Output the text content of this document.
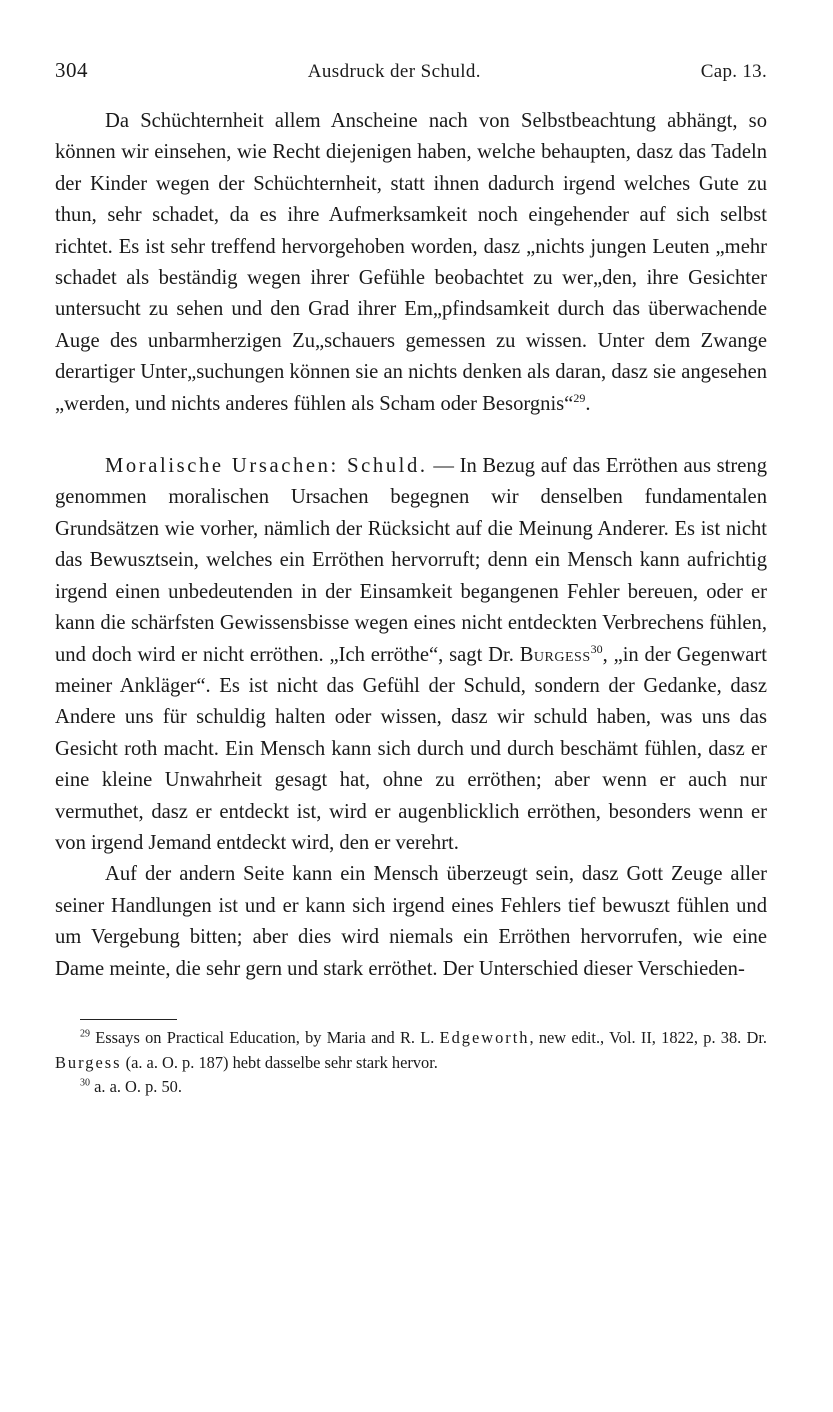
304	Ausdruck der Schuld.	Cap. 13.

Da Schüchternheit allem Anscheine nach von Selbstbeachtung abhängt, so können wir einsehen, wie Recht diejenigen haben, welche behaupten, dasz das Tadeln der Kinder wegen der Schüchternheit, statt ihnen dadurch irgend welches Gute zu thun, sehr schadet, da es ihre Aufmerksamkeit noch eingehender auf sich selbst richtet. Es ist sehr treffend hervorgehoben worden, dasz „nichts jungen Leuten „mehr schadet als beständig wegen ihrer Gefühle beobachtet zu wer„den, ihre Gesichter untersucht zu sehen und den Grad ihrer Em„pfindsamkeit durch das überwachende Auge des unbarmherzigen Zu„schauers gemessen zu wissen. Unter dem Zwange derartiger Unter„suchungen können sie an nichts denken als daran, dasz sie angesehen „werden, und nichts anderes fühlen als Scham oder Besorgnis“$^{29}$.

Moralische Ursachen: Schuld. — In Bezug auf das Erröthen aus streng genommen moralischen Ursachen begegnen wir denselben fundamentalen Grundsätzen wie vorher, nämlich der Rücksicht auf die Meinung Anderer. Es ist nicht das Bewusztsein, welches ein Erröthen hervorruft; denn ein Mensch kann aufrichtig irgend einen unbedeutenden in der Einsamkeit begangenen Fehler bereuen, oder er kann die schärfsten Gewissensbisse wegen eines nicht entdeckten Verbrechens fühlen, und doch wird er nicht erröthen. „Ich erröthe“, sagt Dr. Burgess$^{30}$, „in der Gegenwart meiner Ankläger“. Es ist nicht das Gefühl der Schuld, sondern der Gedanke, dasz Andere uns für schuldig halten oder wissen, dasz wir schuld haben, was uns das Gesicht roth macht. Ein Mensch kann sich durch und durch beschämt fühlen, dasz er eine kleine Unwahrheit gesagt hat, ohne zu erröthen; aber wenn er auch nur vermuthet, dasz er entdeckt ist, wird er augenblicklich erröthen, besonders wenn er von irgend Jemand entdeckt wird, den er verehrt.

Auf der andern Seite kann ein Mensch überzeugt sein, dasz Gott Zeuge aller seiner Handlungen ist und er kann sich irgend eines Fehlers tief bewuszt fühlen und um Vergebung bitten; aber dies wird niemals ein Erröthen hervorrufen, wie eine Dame meinte, die sehr gern und stark erröthet. Der Unterschied dieser Verschieden-

$^{29}$ Essays on Practical Education, by Maria and R. L. Edgeworth, new edit., Vol. II, 1822, p. 38. Dr. Burgess (a. a. O. p. 187) hebt dasselbe sehr stark hervor.

$^{30}$ a. a. O. p. 50.
